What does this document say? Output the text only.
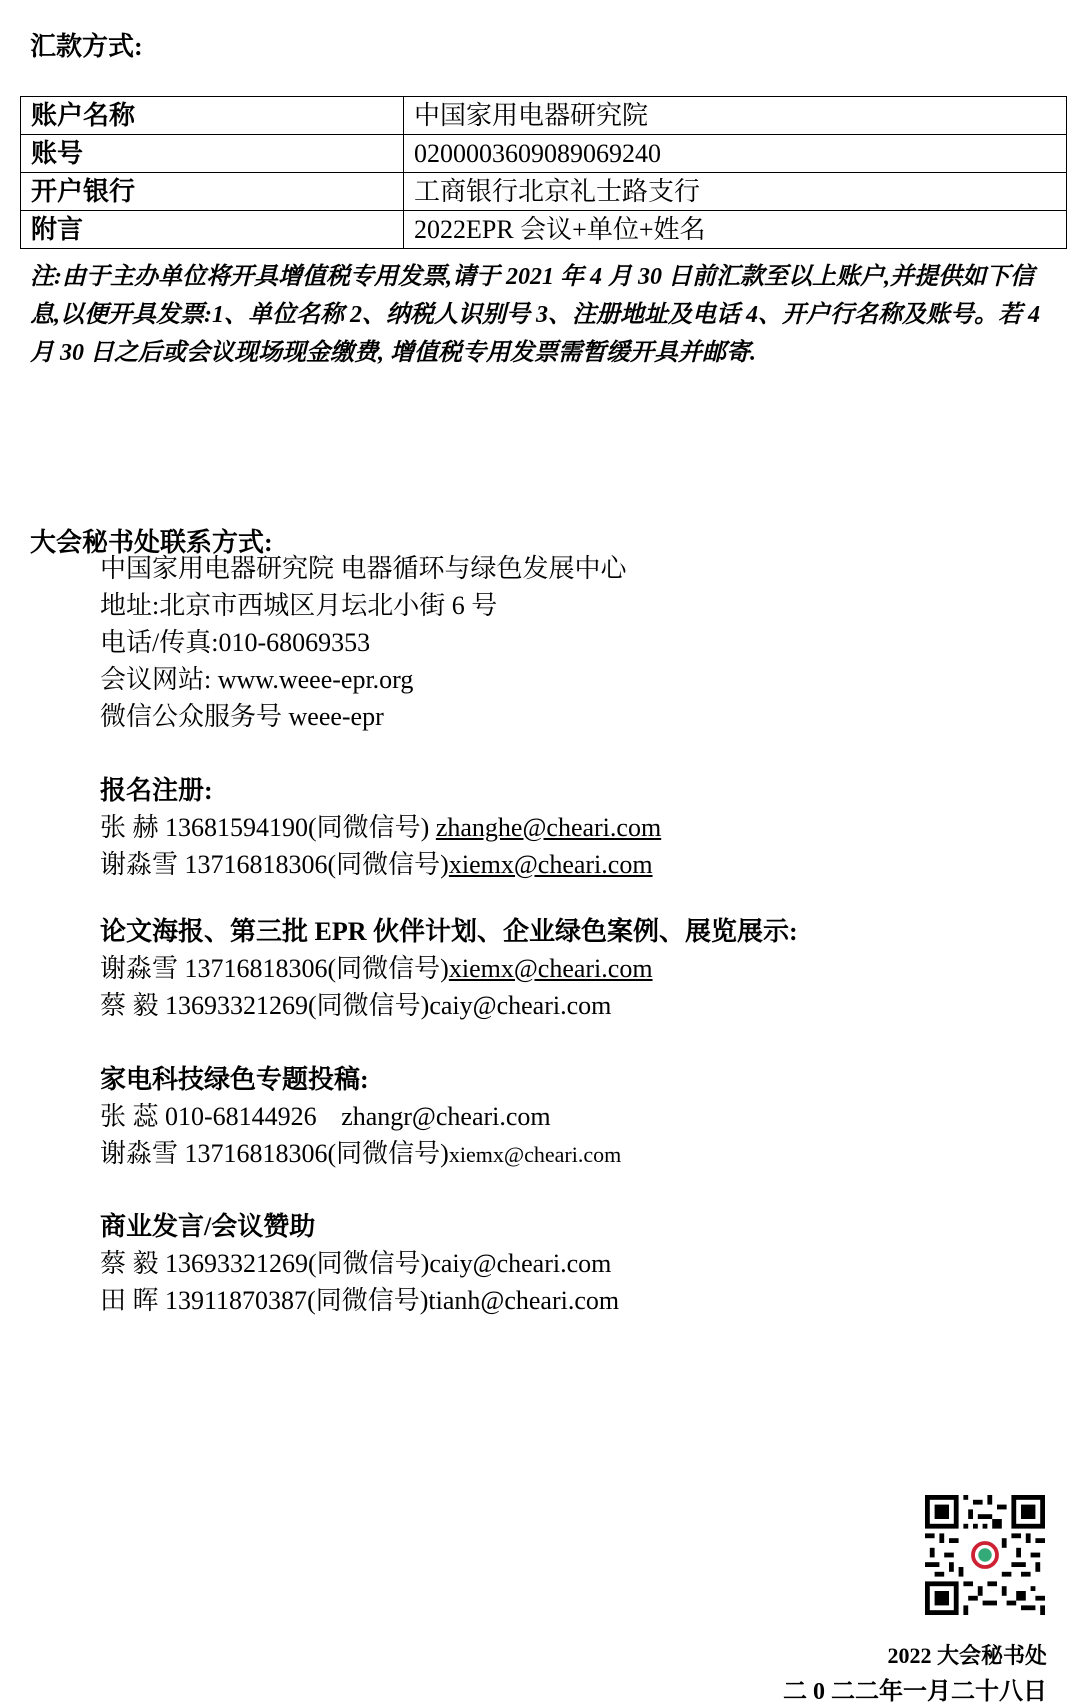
汇款方式:
账户名称	中国家用电器研究院
账号	0200003609089069240
开户银行	工商银行北京礼士路支行
附言	2022EPR 会议+单位+姓名
注:由于主办单位将开具增值税专用发票,请于 2021 年 4 月 30 日前汇款至以上账户,并提供如下信息,以便开具发票:1、单位名称 2、纳税人识别号 3、注册地址及电话 4、开户行名称及账号。若 4 月 30 日之后或会议现场现金缴费, 增值税专用发票需暂缓开具并邮寄.
大会秘书处联系方式:
中国家用电器研究院 电器循环与绿色发展中心
地址:北京市西城区月坛北小街 6 号
电话/传真:010-68069353
会议网站: www.weee-epr.org
微信公众服务号 weee-epr
报名注册:
张 赫 13681594190(同微信号) zhanghe@cheari.com
谢淼雪 13716818306(同微信号)xiemx@cheari.com
论文海报、第三批 EPR 伙伴计划、企业绿色案例、展览展示:
谢淼雪 13716818306(同微信号)xiemx@cheari.com
蔡 毅 13693321269(同微信号)caiy@cheari.com
家电科技绿色专题投稿:
张 蕊 010-68144926 zhangr@cheari.com
谢淼雪 13716818306(同微信号)xiemx@cheari.com
商业发言/会议赞助
蔡 毅 13693321269(同微信号)caiy@cheari.com
田 晖 13911870387(同微信号)tianh@cheari.com
2022 大会秘书处
二 0 二二年一月二十八日
